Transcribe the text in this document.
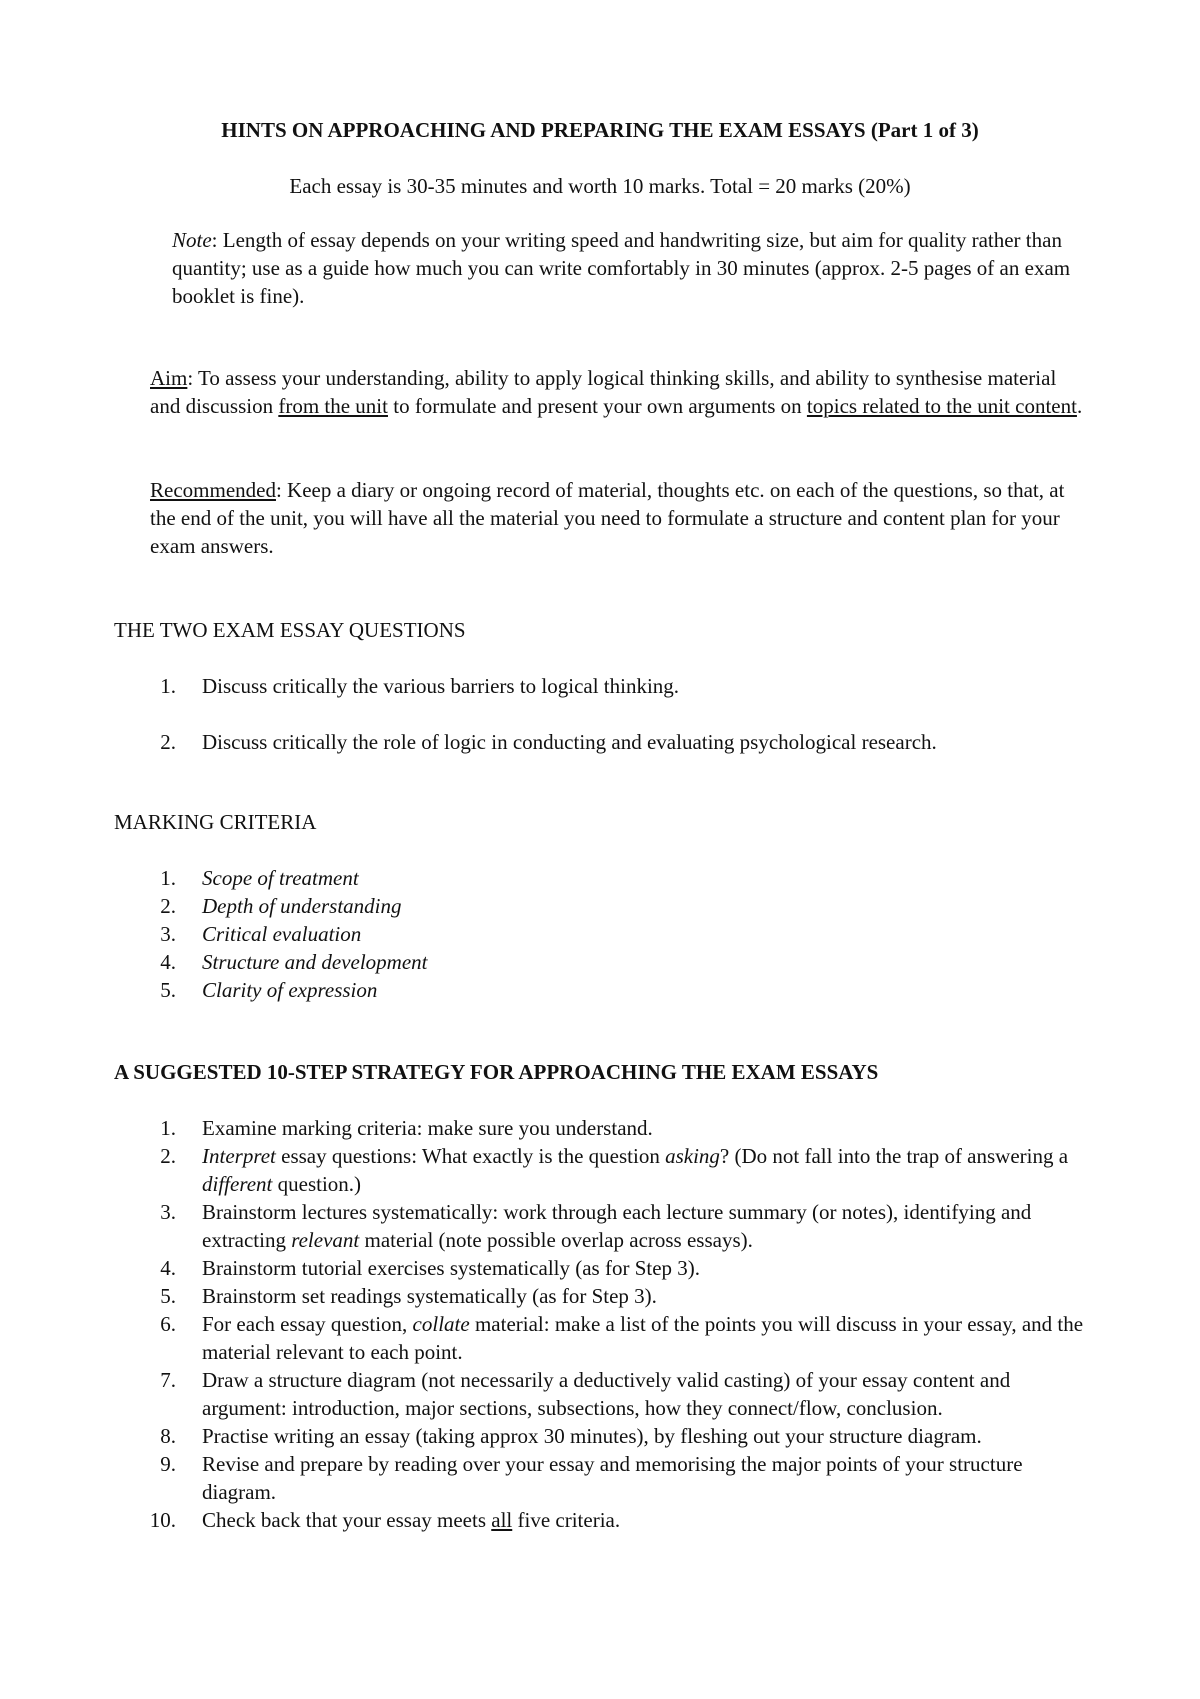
HINTS ON APPROACHING AND PREPARING THE EXAM ESSAYS (Part 1 of 3)
Each essay is 30-35 minutes and worth 10 marks. Total = 20 marks (20%)

Note: Length of essay depends on your writing speed and handwriting size, but aim for quality rather than quantity; use as a guide how much you can write comfortably in 30 minutes (approx. 2-5 pages of an exam booklet is fine).

Aim: To assess your understanding, ability to apply logical thinking skills, and ability to synthesise material and discussion from the unit to formulate and present your own arguments on topics related to the unit content.

Recommended: Keep a diary or ongoing record of material, thoughts etc. on each of the questions, so that, at the end of the unit, you will have all the material you need to formulate a structure and content plan for your exam answers.

THE TWO EXAM ESSAY QUESTIONS
1. Discuss critically the various barriers to logical thinking.
2. Discuss critically the role of logic in conducting and evaluating psychological research.
MARKING CRITERIA
1. Scope of treatment
2. Depth of understanding
3. Critical evaluation
4. Structure and development
5. Clarity of expression
A SUGGESTED 10-STEP STRATEGY FOR APPROACHING THE EXAM ESSAYS
1. Examine marking criteria: make sure you understand.
2. Interpret essay questions: What exactly is the question asking? (Do not fall into the trap of answering a different question.)
3. Brainstorm lectures systematically: work through each lecture summary (or notes), identifying and extracting relevant material (note possible overlap across essays).
4. Brainstorm tutorial exercises systematically (as for Step 3).
5. Brainstorm set readings systematically (as for Step 3).
6. For each essay question, collate material: make a list of the points you will discuss in your essay, and the material relevant to each point.
7. Draw a structure diagram (not necessarily a deductively valid casting) of your essay content and argument: introduction, major sections, subsections, how they connect/flow, conclusion.
8. Practise writing an essay (taking approx 30 minutes), by fleshing out your structure diagram.
9. Revise and prepare by reading over your essay and memorising the major points of your structure diagram.
10. Check back that your essay meets all five criteria.
